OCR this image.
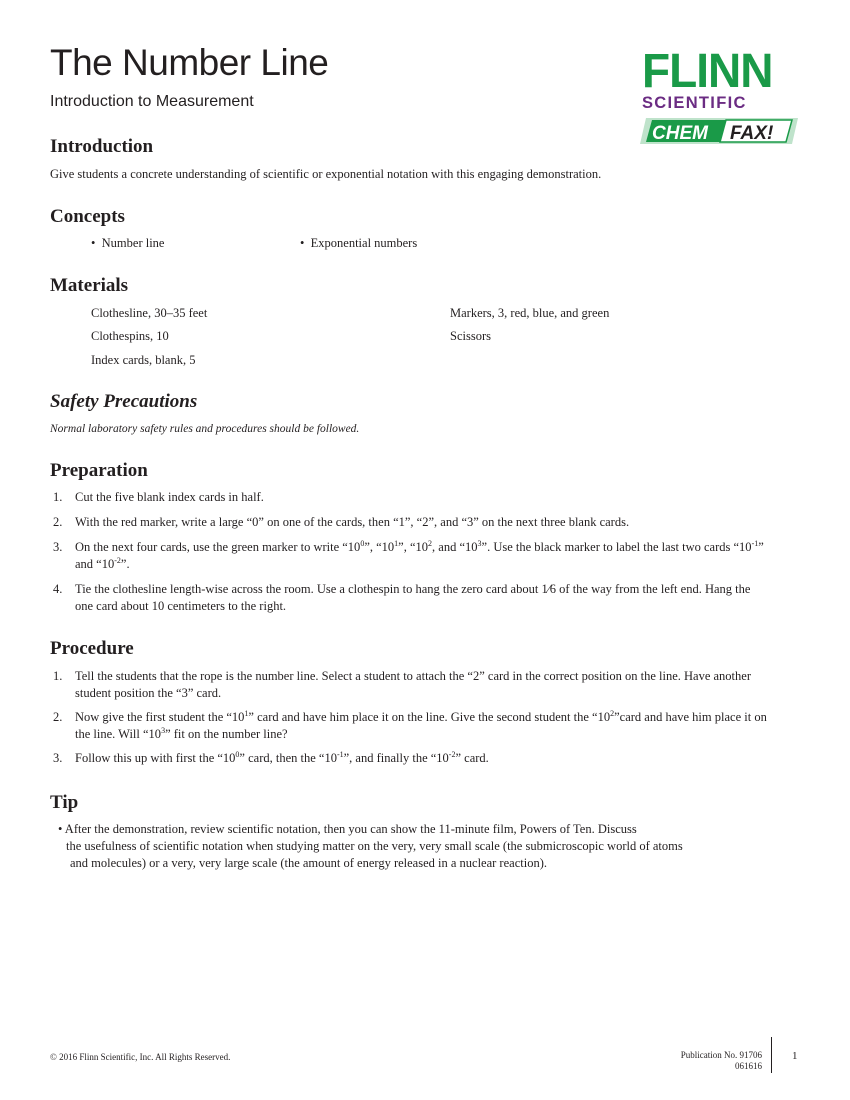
The Number Line
Introduction to Measurement
FLINN
SCIENTIFIC
CHEM FAX!
Introduction
Give students a concrete understanding of scientific or exponential notation with this engaging demonstration.
Concepts
•  Number line	•  Exponential numbers
Materials
Clothesline, 30–35 feet
Clothespins, 10
Index cards, blank, 5
Markers, 3, red, blue, and green
Scissors
Safety Precautions
Normal laboratory safety rules and procedures should be followed.
Preparation
1. Cut the five blank index cards in half.
2. With the red marker, write a large “0” on one of the cards, then “1”, “2”, and “3” on the next three blank cards.
3. On the next four cards, use the green marker to write “$10^0$”, “$10^1$”, “$10^2$, and “$10^3$”. Use the black marker to label the last two cards “$10^{-1}$” and “$10^{-2}$”.
4. Tie the clothesline length-wise across the room. Use a clothespin to hang the zero card about 1⁄6 of the way from the left end. Hang the one card about 10 centimeters to the right.
Procedure
1. Tell the students that the rope is the number line. Select a student to attach the “2” card in the correct position on the line. Have another student position the “3” card.
2. Now give the first student the “$10^1$” card and have him place it on the line. Give the second student the “$10^2”card$ and have him place it on the line. Will “$10^3$” fit on the number line?
3. Follow this up with first the “$10^0$” card, then the “$10^{-1}$”, and finally the “$10^{-2}$” card.
Tip
• After the demonstration, review scientific notation, then you can show the 11-minute film, Powers of Ten. Discuss
the usefulness of scientific notation when studying matter on the very, very small scale (the submicroscopic world of atoms
and molecules) or a very, very large scale (the amount of energy released in a nuclear reaction).
© 2016 Flinn Scientific, Inc. All Rights Reserved.	Publication No. 91706
061616
1
